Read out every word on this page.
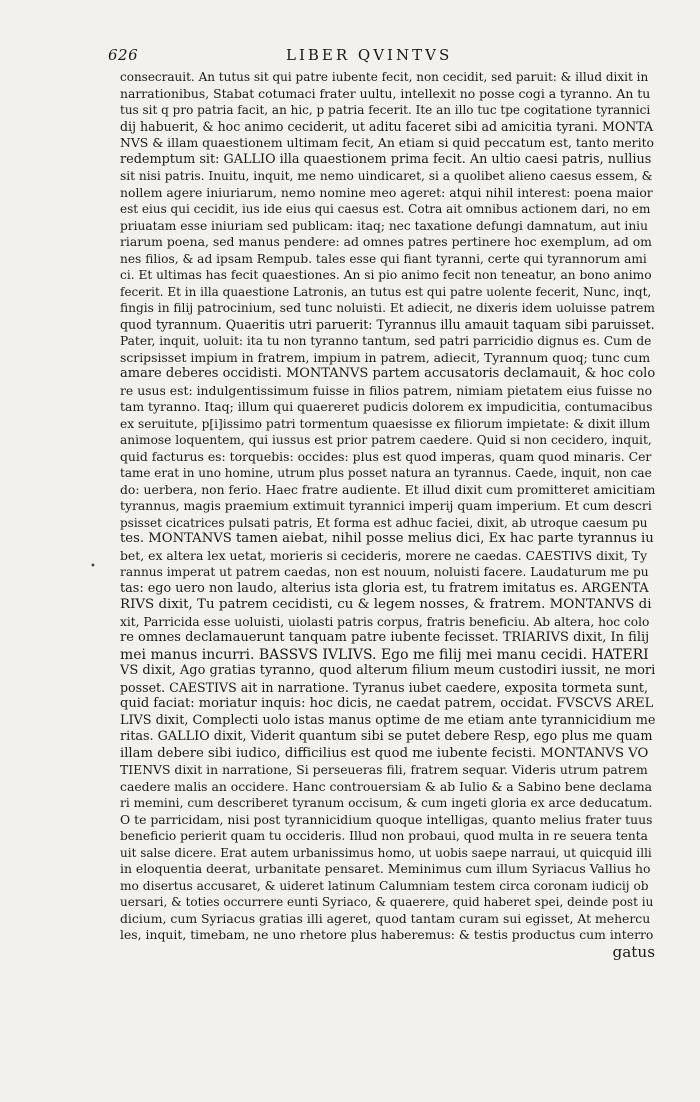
626	LIBER QVINTVS
•
consecrauit. An tutus sit qui patre iubente fecit, non cecidit, sed paruit: & illud dixit in
narrationibus, Stabat cotumaci frater uultu, intellexit no posse cogi a tyranno. An tu
tus sit q pro patria facit, an hic, p patria fecerit. Ite an illo tuc tpe cogitatione tyrannici
dij habuerit, & hoc animo ceciderit, ut aditu faceret sibi ad amicitia tyrani. MONTA
NVS & illam quaestionem ultimam fecit, An etiam si quid peccatum est, tanto merito
redemptum sit: GALLIO illa quaestionem prima fecit. An ultio caesi patris, nullius
sit nisi patris. Inuitu, inquit, me nemo uindicaret, si a quolibet alieno caesus essem, &
nollem agere iniuriarum, nemo nomine meo ageret: atqui nihil interest: poena maior
est eius qui cecidit, ius ide eius qui caesus est. Cotra ait omnibus actionem dari, no em
priuatam esse iniuriam sed publicam: itaq; nec taxatione defungi damnatum, aut iniu
riarum poena, sed manus pendere: ad omnes patres pertinere hoc exemplum, ad om
nes filios, & ad ipsam Rempub. tales esse qui fiant tyranni, certe qui tyrannorum ami
ci. Et ultimas has fecit quaestiones. An si pio animo fecit non teneatur, an bono animo
fecerit. Et in illa quaestione Latronis, an tutus est qui patre uolente fecerit, Nunc, inqt,
fingis in filij patrocinium, sed tunc noluisti. Et adiecit, ne dixeris idem uoluisse patrem
quod tyrannum. Quaeritis utri paruerit: Tyrannus illu amauit taquam sibi paruisset.
Pater, inquit, uoluit: ita tu non tyranno tantum, sed patri parricidio dignus es. Cum de
scripsisset impium in fratrem, impium in patrem, adiecit, Tyrannum quoq; tunc cum
amare deberes occidisti. MONTANVS partem accusatoris declamauit, & hoc colo
re usus est: indulgentissimum fuisse in filios patrem, nimiam pietatem eius fuisse no
tam tyranno. Itaq; illum qui quaereret pudicis dolorem ex impudicitia, contumacibus
ex seruitute, p[i]issimo patri tormentum quaesisse ex filiorum impietate: & dixit illum
animose loquentem, qui iussus est prior patrem caedere. Quid si non cecidero, inquit,
quid facturus es: torquebis: occides: plus est quod imperas, quam quod minaris. Cer
tame erat in uno homine, utrum plus posset natura an tyrannus. Caede, inquit, non cae
do: uerbera, non ferio. Haec fratre audiente. Et illud dixit cum promitteret amicitiam
tyrannus, magis praemium extimuit tyrannici imperij quam imperium. Et cum descri
psisset cicatrices pulsati patris, Et forma est adhuc faciei, dixit, ab utroque caesum pu
tes. MONTANVS tamen aiebat, nihil posse melius dici, Ex hac parte tyrannus iu
bet, ex altera lex uetat, morieris si cecideris, morere ne caedas. CAESTIVS dixit, Ty
rannus imperat ut patrem caedas, non est nouum, noluisti facere. Laudaturum me pu
tas: ego uero non laudo, alterius ista gloria est, tu fratrem imitatus es. ARGENTA
RIVS dixit, Tu patrem cecidisti, cu & legem nosses, & fratrem. MONTANVS di
xit, Parricida esse uoluisti, uiolasti patris corpus, fratris beneficiu. Ab altera, hoc colo
re omnes declamauerunt tanquam patre iubente fecisset. TRIARIVS dixit, In filij
mei manus incurri. BASSVS IVLIVS. Ego me filij mei manu cecidi. HATERI
VS dixit, Ago gratias tyranno, quod alterum filium meum custodiri iussit, ne mori
posset. CAESTIVS ait in narratione. Tyranus iubet caedere, exposita tormeta sunt,
quid faciat: moriatur inquis: hoc dicis, ne caedat patrem, occidat. FVSCVS AREL
LIVS dixit, Complecti uolo istas manus optime de me etiam ante tyrannicidium me
ritas. GALLIO dixit, Viderit quantum sibi se putet debere Resp, ego plus me quam
illam debere sibi iudico, difficilius est quod me iubente fecisti. MONTANVS VO
TIENVS dixit in narratione, Si perseueras fili, fratrem sequar. Videris utrum patrem
caedere malis an occidere. Hanc controuersiam & ab Iulio & a Sabino bene declama
ri memini, cum describeret tyranum occisum, & cum ingeti gloria ex arce deducatum.
O te parricidam, nisi post tyrannicidium quoque intelligas, quanto melius frater tuus
beneficio perierit quam tu occideris. Illud non probaui, quod multa in re seuera tenta
uit salse dicere. Erat autem urbanissimus homo, ut uobis saepe narraui, ut quicquid illi
in eloquentia deerat, urbanitate pensaret. Meminimus cum illum Syriacus Vallius ho
mo disertus accusaret, & uideret latinum Calumniam testem circa coronam iudicij ob
uersari, & toties occurrere eunti Syriaco, & quaerere, quid haberet spei, deinde post iu
dicium, cum Syriacus gratias illi ageret, quod tantam curam sui egisset, At mehercu
les, inquit, timebam, ne uno rhetore plus haberemus: & testis productus cum interro
gatus
